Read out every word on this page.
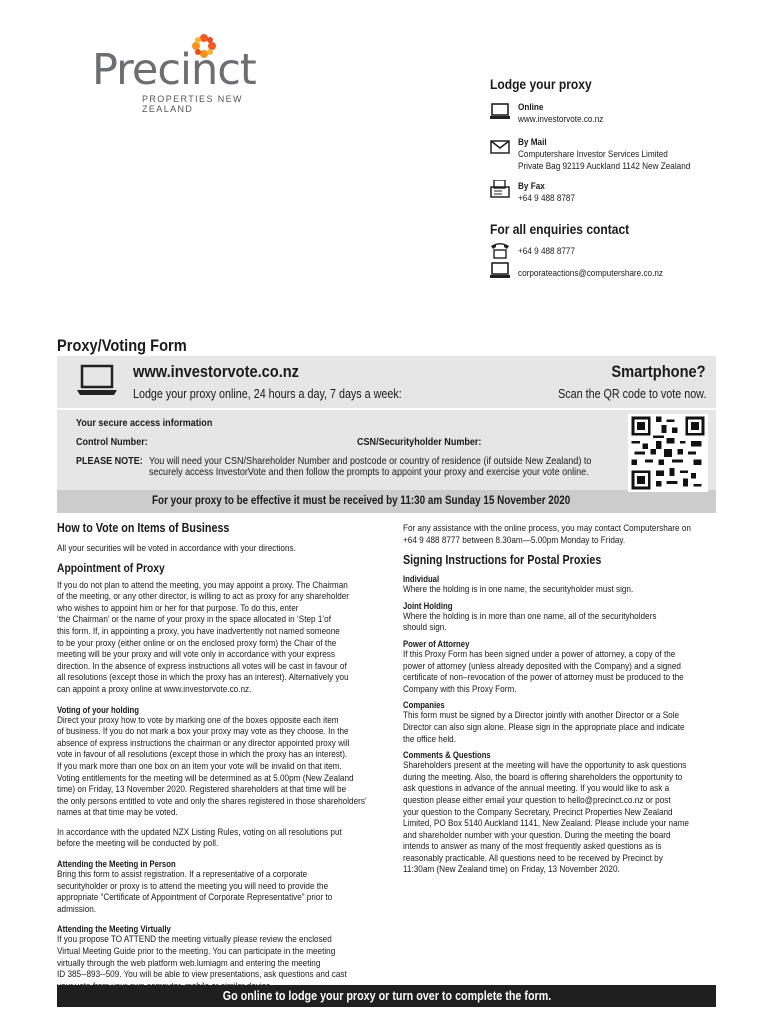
Precinct
PROPERTIES NEW ZEALAND
Lodge your proxy
Online
www.investorvote.co.nz
By Mail
Computershare Investor Services Limited
Private Bag 92119 Auckland 1142 New Zealand
By Fax
+64 9 488 8787
For all enquiries contact
+64 9 488 8777
corporateactions@computershare.co.nz
Proxy/Voting Form
www.investorvote.co.nz
Lodge your proxy online, 24 hours a day, 7 days a week:
Smartphone?
Scan the QR code to vote now.
Your secure access information
Control Number:	CSN/Securityholder Number:
PLEASE NOTE: You will need your CSN/Shareholder Number and postcode or country of residence (if outside New Zealand) to
securely access InvestorVote and then follow the prompts to appoint your proxy and exercise your vote online.
For your proxy to be effective it must be received by 11:30 am Sunday 15 November 2020
How to Vote on Items of Business

All your securities will be voted in accordance with your directions.

Appointment of Proxy

If you do not plan to attend the meeting, you may appoint a proxy. The Chairman

of the meeting, or any other director, is willing to act as proxy for any shareholder

who wishes to appoint him or her for that purpose. To do this, enter

‘the Chairman’ or the name of your proxy in the space allocated in ‘Step 1’of

this form. If, in appointing a proxy, you have inadvertently not named someone

to be your proxy (either online or on the enclosed proxy form) the Chair of the

meeting will be your proxy and will vote only in accordance with your express

direction. In the absence of express instructions all votes will be cast in favour of

all resolutions (except those in which the proxy has an interest). Alternatively you

can appoint a proxy online at www.investorvote.co.nz.

Voting of your holding

Direct your proxy how to vote by marking one of the boxes opposite each item

of business. If you do not mark a box your proxy may vote as they choose. In the

absence of express instructions the chairman or any director appointed proxy will

vote in favour of all resolutions (except those in which the proxy has an interest).

If you mark more than one box on an item your vote will be invalid on that item.

Voting entitlements for the meeting will be determined as at 5.00pm (New Zealand

time) on Friday, 13 November 2020. Registered shareholders at that time will be

the only persons entitled to vote and only the shares registered in those shareholders’

names at that time may be voted.

In accordance with the updated NZX Listing Rules, voting on all resolutions put

before the meeting will be conducted by poll.

Attending the Meeting in Person

Bring this form to assist registration. If a representative of a corporate

securityholder or proxy is to attend the meeting you will need to provide the

appropriate “Certificate of Appointment of Corporate Representative” prior to

admission.

Attending the Meeting Virtually

If you propose TO ATTEND the meeting virtually please review the enclosed

Virtual Meeting Guide prior to the meeting. You can participate in the meeting

virtually through the web platform web.lumiagm and entering the meeting

ID 385--893--509. You will be able to view presentations, ask questions and cast

For any assistance with the online process, you may contact Computershare on

+64 9 488 8777 between 8.30am—5.00pm Monday to Friday.

Signing Instructions for Postal Proxies

Individual

Where the holding is in one name, the securityholder must sign.

Joint Holding

Where the holding is in more than one name, all of the securityholders

should sign.

Power of Attorney

If this Proxy Form has been signed under a power of attorney, a copy of the

power of attorney (unless already deposited with the Company) and a signed

certificate of non–revocation of the power of attorney must be produced to the

Company with this Proxy Form.

Companies

This form must be signed by a Director jointly with another Director or a Sole

Director can also sign alone. Please sign in the appropriate place and indicate

the office held.

Comments & Questions

Shareholders present at the meeting will have the opportunity to ask questions

during the meeting. Also, the board is offering shareholders the opportunity to

ask questions in advance of the annual meeting. If you would like to ask a

question please either email your question to hello@precinct.co.nz or post

your question to the Company Secretary, Precinct Properties New Zealand

Limited, PO Box 5140 Auckland 1141, New Zealand. Please include your name

and shareholder number with your question. During the meeting the board

intends to answer as many of the most frequently asked questions as is

reasonably practicable. All questions need to be received by Precinct by

11:30am (New Zealand time) on Friday, 13 November 2020.

Go online to lodge your proxy or turn over to complete the form.
